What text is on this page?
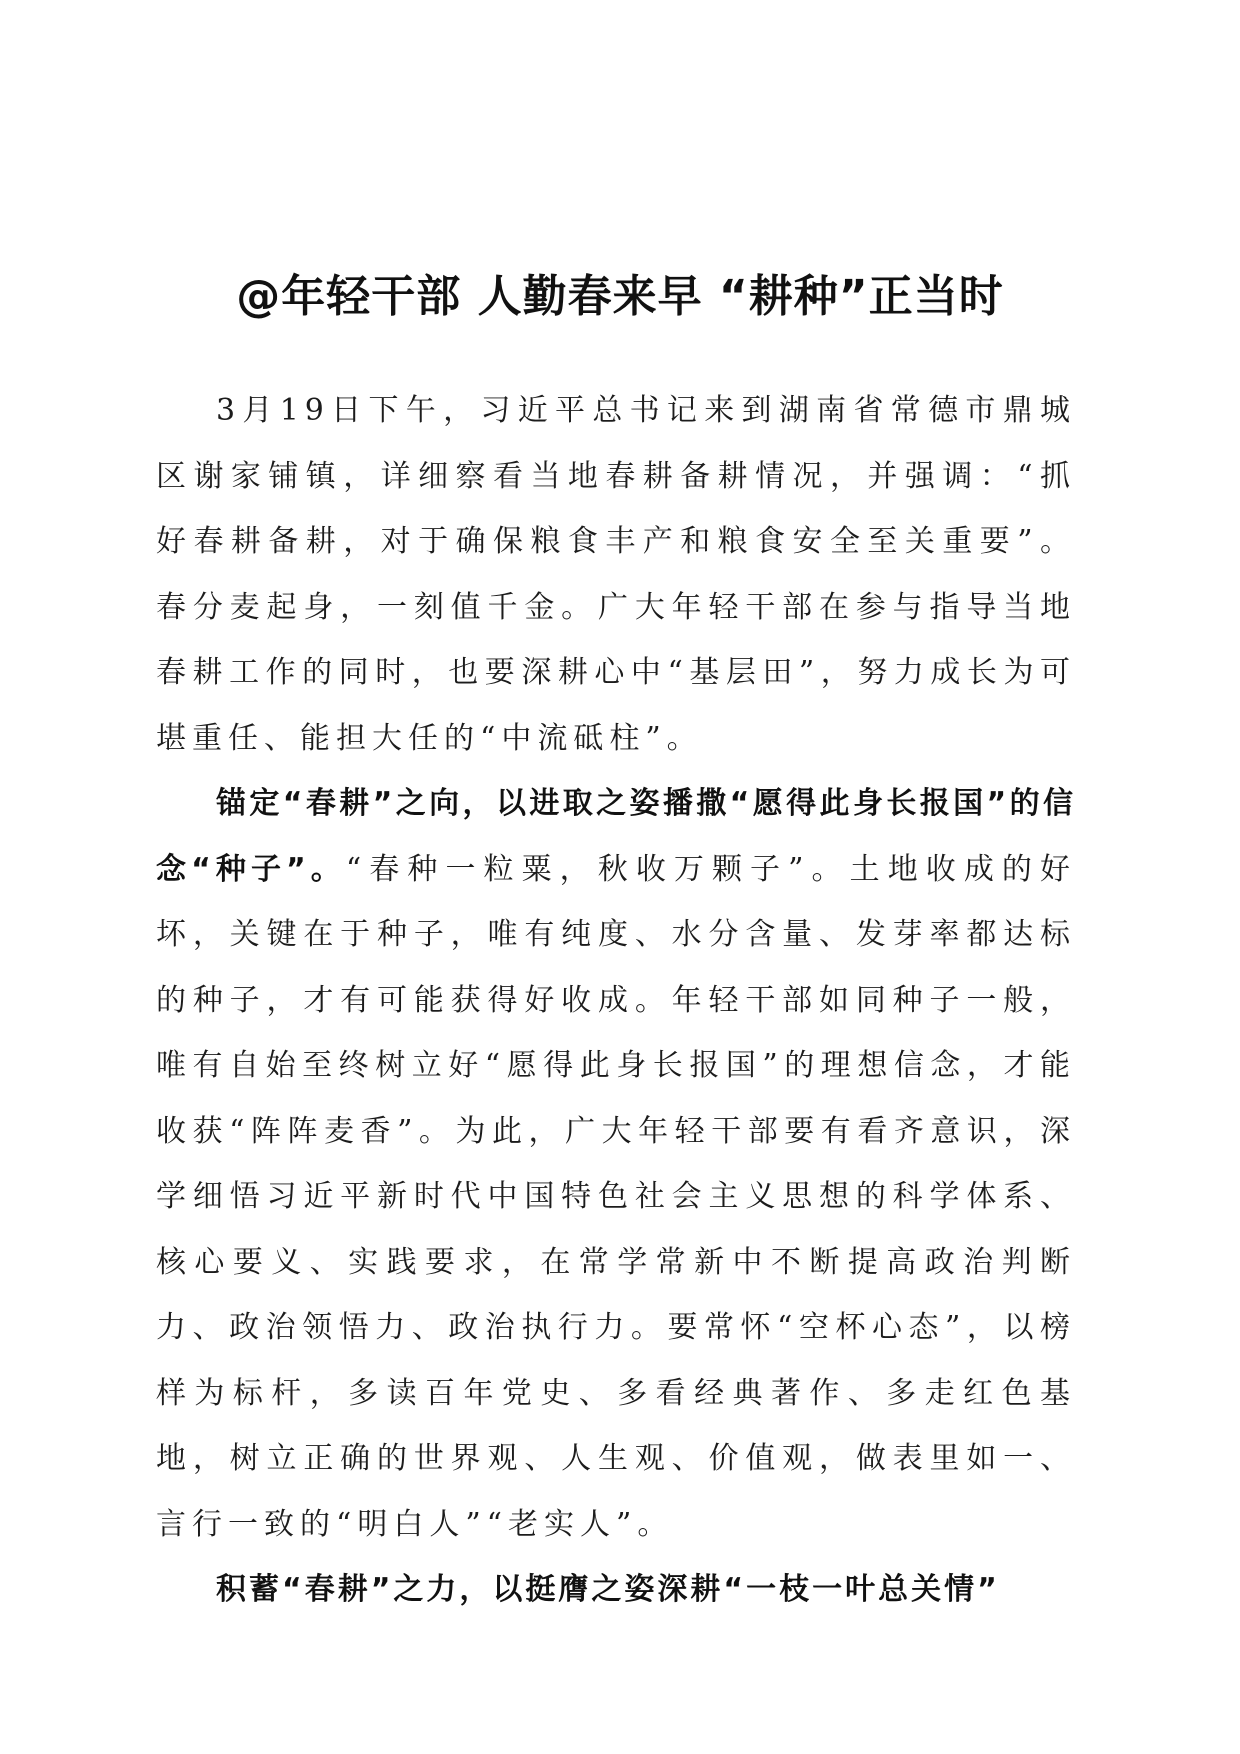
@年轻干部 人勤春来早 “耕种”正当时

3月19日下午，习近平总书记来到湖南省常德市鼎城区谢家铺镇，详细察看当地春耕备耕情况，并强调：“抓好春耕备耕，对于确保粮食丰产和粮食安全至关重要”。春分麦起身，一刻值千金。广大年轻干部在参与指导当地春耕工作的同时，也要深耕心中“基层田”，努力成长为可堪重任、能担大任的“中流砥柱”。

锚定“春耕”之向，以进取之姿播撒“愿得此身长报国”的信念“种子”。“春种一粒粟，秋收万颗子”。土地收成的好坏，关键在于种子，唯有纯度、水分含量、发芽率都达标的种子，才有可能获得好收成。年轻干部如同种子一般，唯有自始至终树立好“愿得此身长报国”的理想信念，才能收获“阵阵麦香”。为此，广大年轻干部要有看齐意识，深学细悟习近平新时代中国特色社会主义思想的科学体系、核心要义、实践要求，在常学常新中不断提高政治判断力、政治领悟力、政治执行力。要常怀“空杯心态”，以榜样为标杆，多读百年党史、多看经典著作、多走红色基地，树立正确的世界观、人生观、价值观，做表里如一、言行一致的“明白人”“老实人”。

积蓄“春耕”之力，以挺膺之姿深耕“一枝一叶总关情”
